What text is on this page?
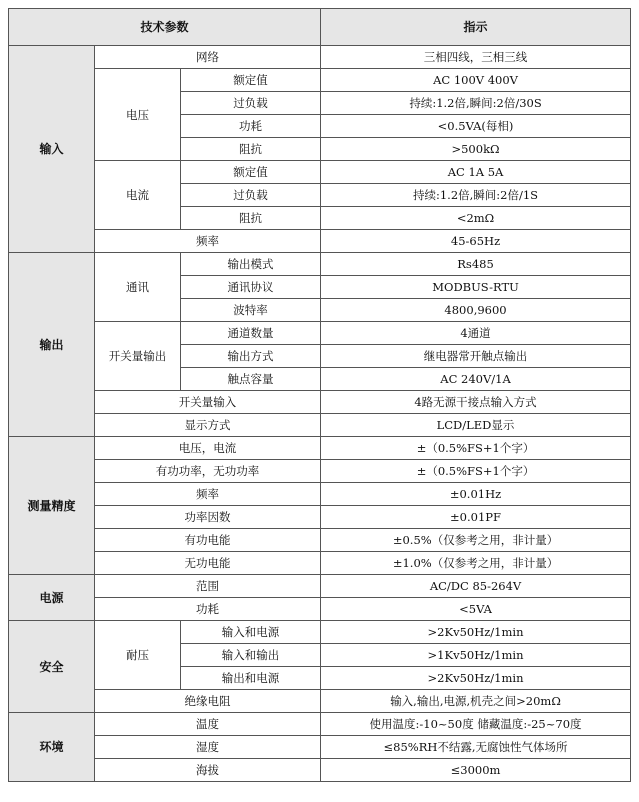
技术参数			指示
输入	网络		三相四线，三相三线
	电压	额定值	AC 100V 400V
		过负载	持续:1.2倍,瞬间:2倍/30S
		功耗	<0.5VA(每相)
		阻抗	>500kΩ
	电流	额定值	AC 1A 5A
		过负载	持续:1.2倍,瞬间:2倍/1S
		阻抗	<2mΩ
	频率		45-65Hz
输出	通讯	输出模式	Rs485
		通讯协议	MODBUS-RTU
		波特率	4800,9600
	开关量输出	通道数量	4通道
		输出方式	继电器常开触点输出
		触点容量	AC 240V/1A
	开关量输入		4路无源干接点输入方式
	显示方式		LCD/LED显示
测量精度	电压，电流		±（0.5%FS+1个字）
	有功功率，无功功率		±（0.5%FS+1个字）
	频率		±0.01Hz
	功率因数		±0.01PF
	有功电能		±0.5%（仅参考之用，非计量）
	无功电能		±1.0%（仅参考之用，非计量）
电源	范围		AC/DC 85-264V
	功耗		<5VA
安全	耐压	输入和电源	>2Kv50Hz/1min
		输入和输出	>1Kv50Hz/1min
		输出和电源	>2Kv50Hz/1min
	绝缘电阻		输入,输出,电源,机壳之间>20mΩ
环境	温度		使用温度:-10~50度 储藏温度:-25~70度
	湿度		≤85%RH不结露,无腐蚀性气体场所
	海拔		≤3000m
